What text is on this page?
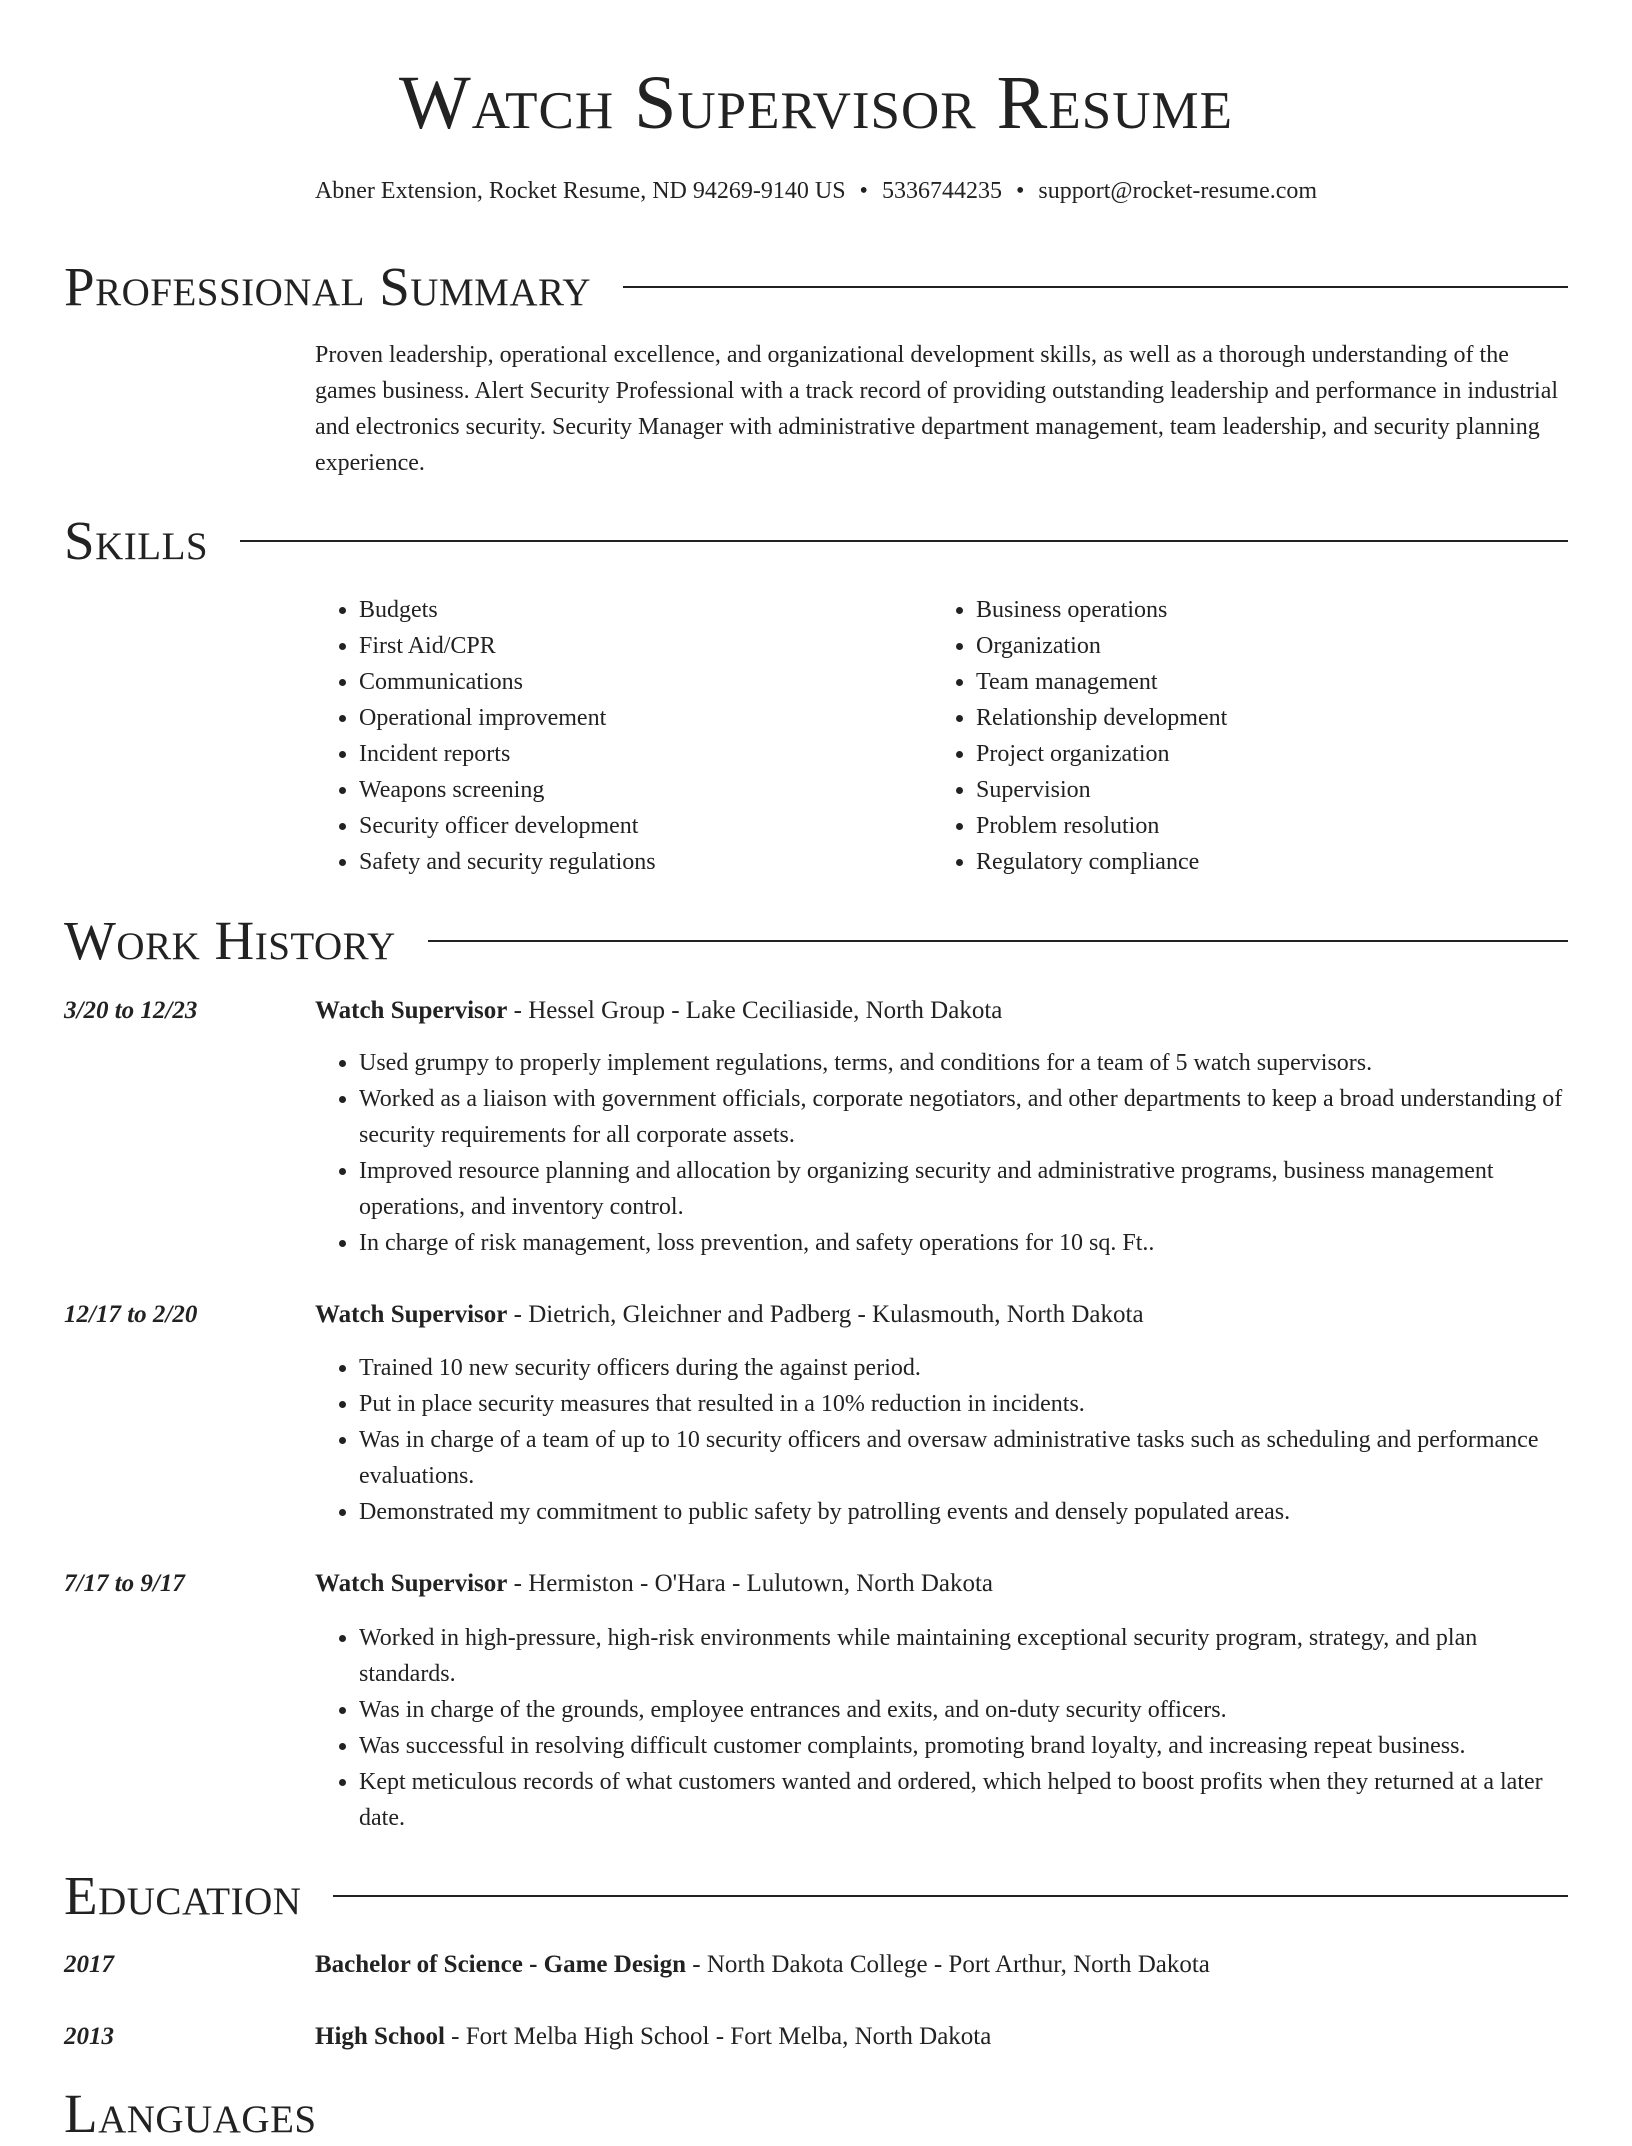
Watch Supervisor Resume
Abner Extension, Rocket Resume, ND 94269-9140 US • 5336744235 • support@rocket-resume.com
Professional Summary
Proven leadership, operational excellence, and organizational development skills, as well as a thorough understanding of the games business. Alert Security Professional with a track record of providing outstanding leadership and performance in industrial and electronics security. Security Manager with administrative department management, team leadership, and security planning experience.
Skills
• Budgets
• First Aid/CPR
• Communications
• Operational improvement
• Incident reports
• Weapons screening
• Security officer development
• Safety and security regulations
• Business operations
• Organization
• Team management
• Relationship development
• Project organization
• Supervision
• Problem resolution
• Regulatory compliance
Work History
3/20 to 12/23	Watch Supervisor - Hessel Group - Lake Ceciliaside, North Dakota
• Used grumpy to properly implement regulations, terms, and conditions for a team of 5 watch supervisors.
• Worked as a liaison with government officials, corporate negotiators, and other departments to keep a broad understanding of security requirements for all corporate assets.
• Improved resource planning and allocation by organizing security and administrative programs, business management operations, and inventory control.
• In charge of risk management, loss prevention, and safety operations for 10 sq. Ft..
12/17 to 2/20	Watch Supervisor - Dietrich, Gleichner and Padberg - Kulasmouth, North Dakota
• Trained 10 new security officers during the against period.
• Put in place security measures that resulted in a 10% reduction in incidents.
• Was in charge of a team of up to 10 security officers and oversaw administrative tasks such as scheduling and performance evaluations.
• Demonstrated my commitment to public safety by patrolling events and densely populated areas.
7/17 to 9/17	Watch Supervisor - Hermiston - O'Hara - Lulutown, North Dakota
• Worked in high-pressure, high-risk environments while maintaining exceptional security program, strategy, and plan standards.
• Was in charge of the grounds, employee entrances and exits, and on-duty security officers.
• Was successful in resolving difficult customer complaints, promoting brand loyalty, and increasing repeat business.
• Kept meticulous records of what customers wanted and ordered, which helped to boost profits when they returned at a later date.
Education
2017	Bachelor of Science - Game Design - North Dakota College - Port Arthur, North Dakota
2013	High School - Fort Melba High School - Fort Melba, North Dakota
Languages
